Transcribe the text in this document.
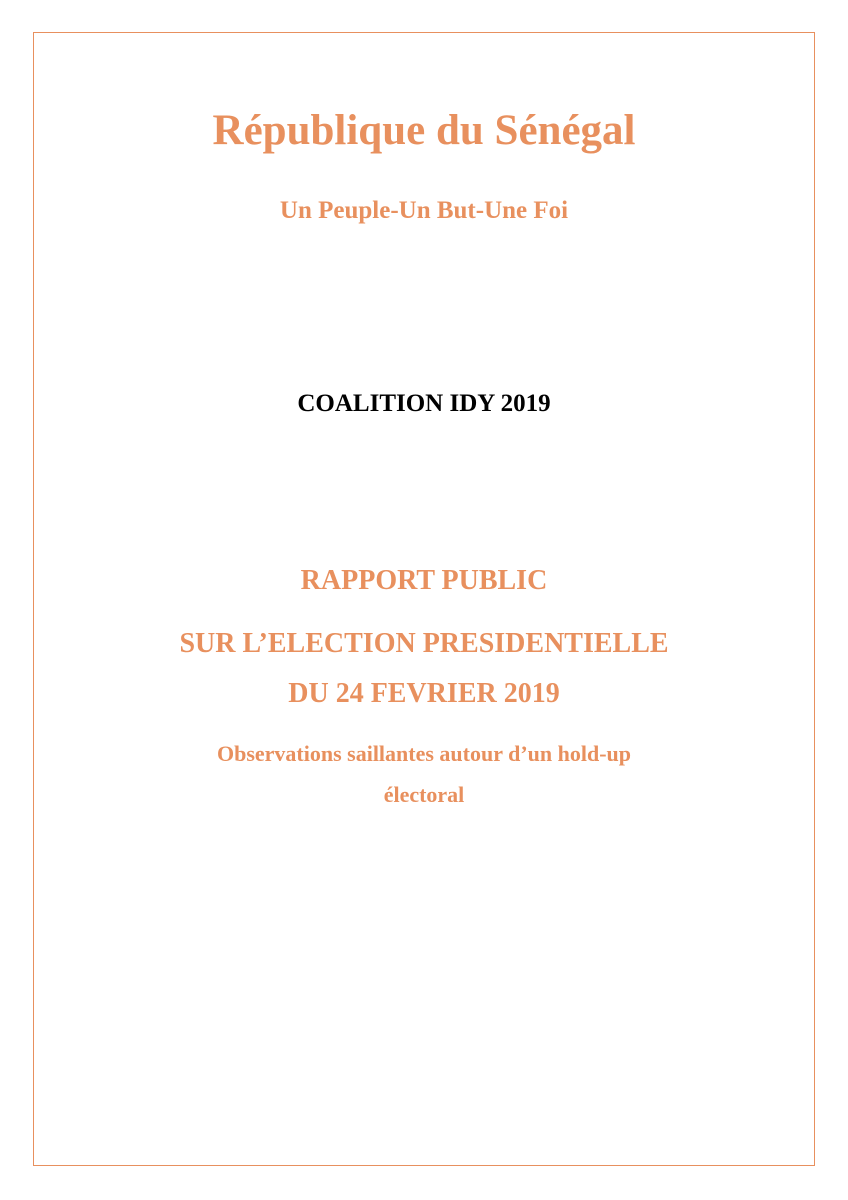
République du Sénégal
Un Peuple-Un But-Une Foi
COALITION IDY 2019
RAPPORT PUBLIC
SUR L’ELECTION PRESIDENTIELLE
DU 24 FEVRIER 2019
Observations saillantes autour d’un hold-up
électoral
